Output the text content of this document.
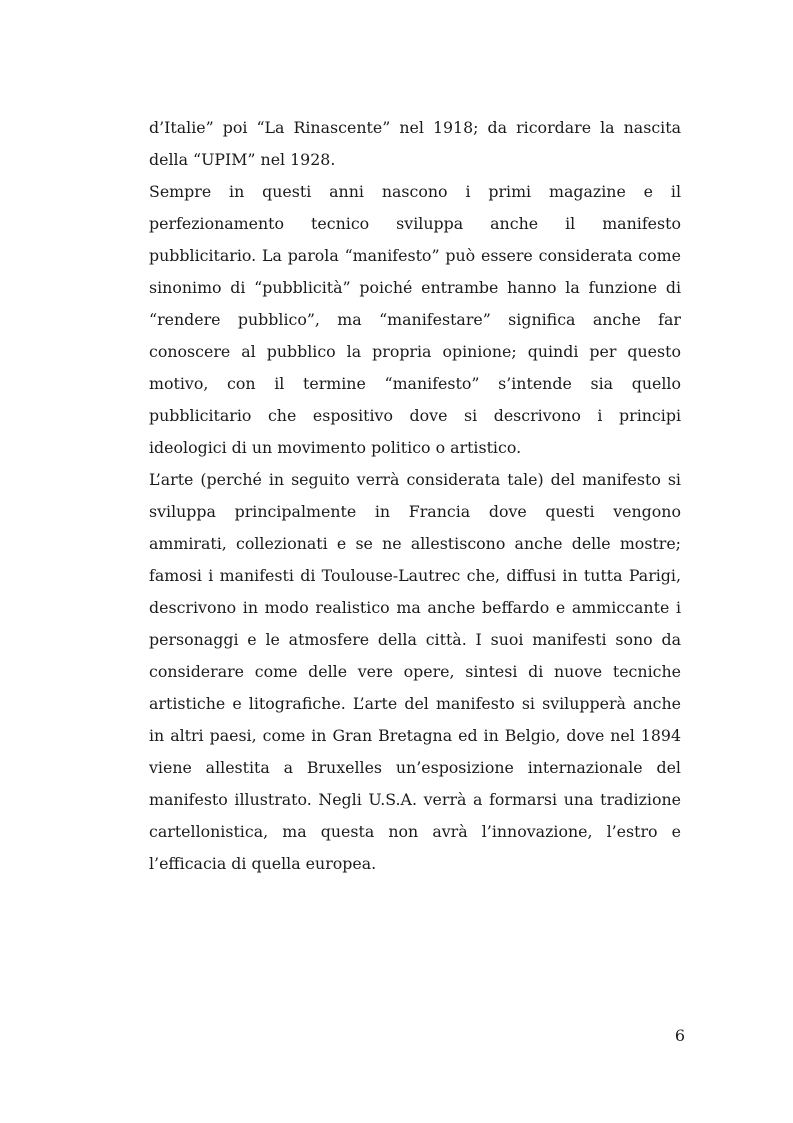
d’Italie” poi “La Rinascente” nel 1918; da ricordare la nascita della “UPIM” nel 1928.

Sempre in questi anni nascono i primi magazine e il perfezionamento tecnico sviluppa anche il manifesto pubblicitario. La parola “manifesto” può essere considerata come sinonimo di “pubblicità” poiché entrambe hanno la funzione di “rendere pubblico”, ma “manifestare” significa anche far conoscere al pubblico la propria opinione; quindi per questo motivo, con il termine “manifesto” s’intende sia quello pubblicitario che espositivo dove si descrivono i principi ideologici di un movimento politico o artistico.

L’arte (perché in seguito verrà considerata tale) del manifesto si sviluppa principalmente in Francia dove questi vengono ammirati, collezionati e se ne allestiscono anche delle mostre; famosi i manifesti di Toulouse-Lautrec che, diffusi in tutta Parigi, descrivono in modo realistico ma anche beffardo e ammiccante i personaggi e le atmosfere della città. I suoi manifesti sono da considerare come delle vere opere, sintesi di nuove tecniche artistiche e litografiche. L’arte del manifesto si svilupperà anche in altri paesi, come in Gran Bretagna ed in Belgio, dove nel 1894 viene allestita a Bruxelles un’esposizione internazionale del manifesto illustrato. Negli U.S.A. verrà a formarsi una tradizione cartellonistica, ma questa non avrà l’innovazione, l’estro e l’efficacia di quella europea.

6
